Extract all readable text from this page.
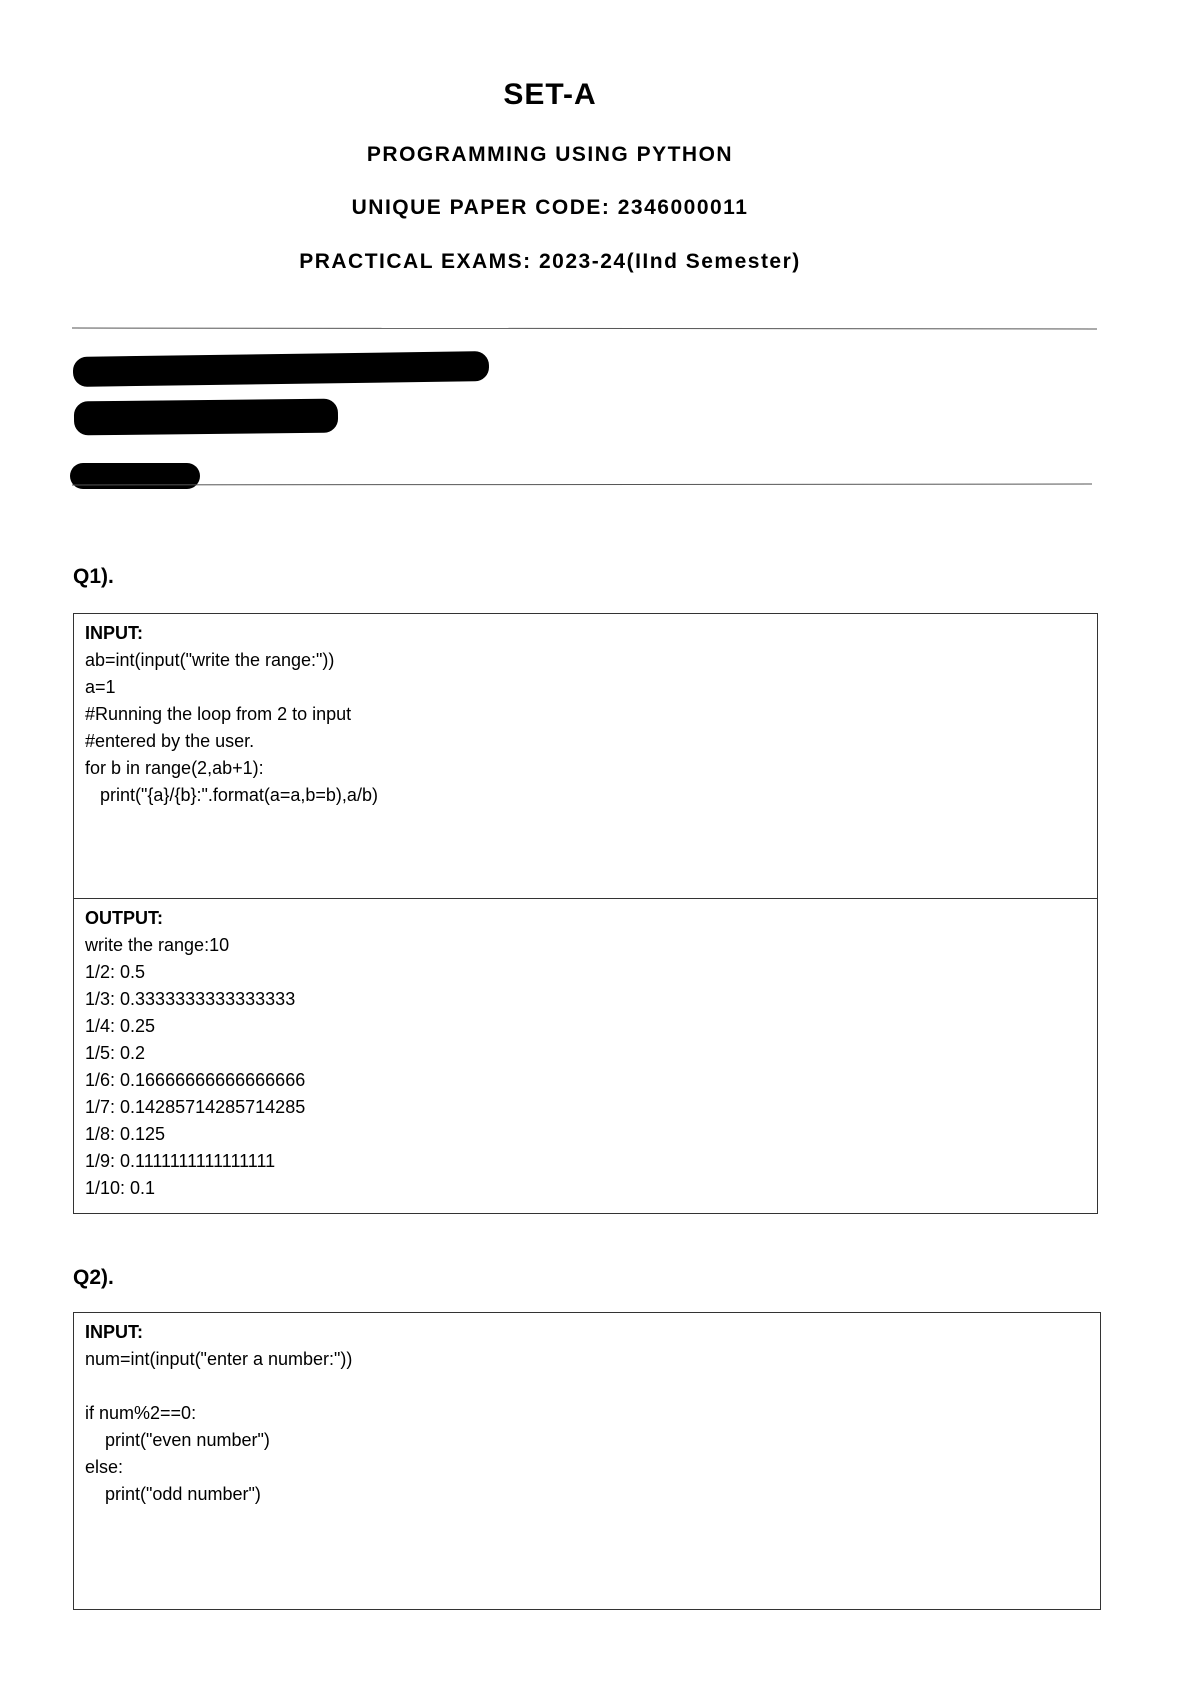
SET-A
PROGRAMMING USING PYTHON
UNIQUE PAPER CODE: 2346000011
PRACTICAL EXAMS: 2023-24(IInd Semester)
Q1).
INPUT:
ab=int(input("write the range:"))
a=1
#Running the loop from 2 to input
#entered by the user.
for b in range(2,ab+1):
print("{a}/{b}:".format(a=a,b=b),a/b)
OUTPUT:
write the range:10
1/2: 0.5
1/3: 0.3333333333333333
1/4: 0.25
1/5: 0.2
1/6: 0.16666666666666666
1/7: 0.14285714285714285
1/8: 0.125
1/9: 0.1111111111111111
1/10: 0.1
Q2).
INPUT:
num=int(input("enter a number:"))
if num%2==0:
print("even number")
else:
print("odd number")
